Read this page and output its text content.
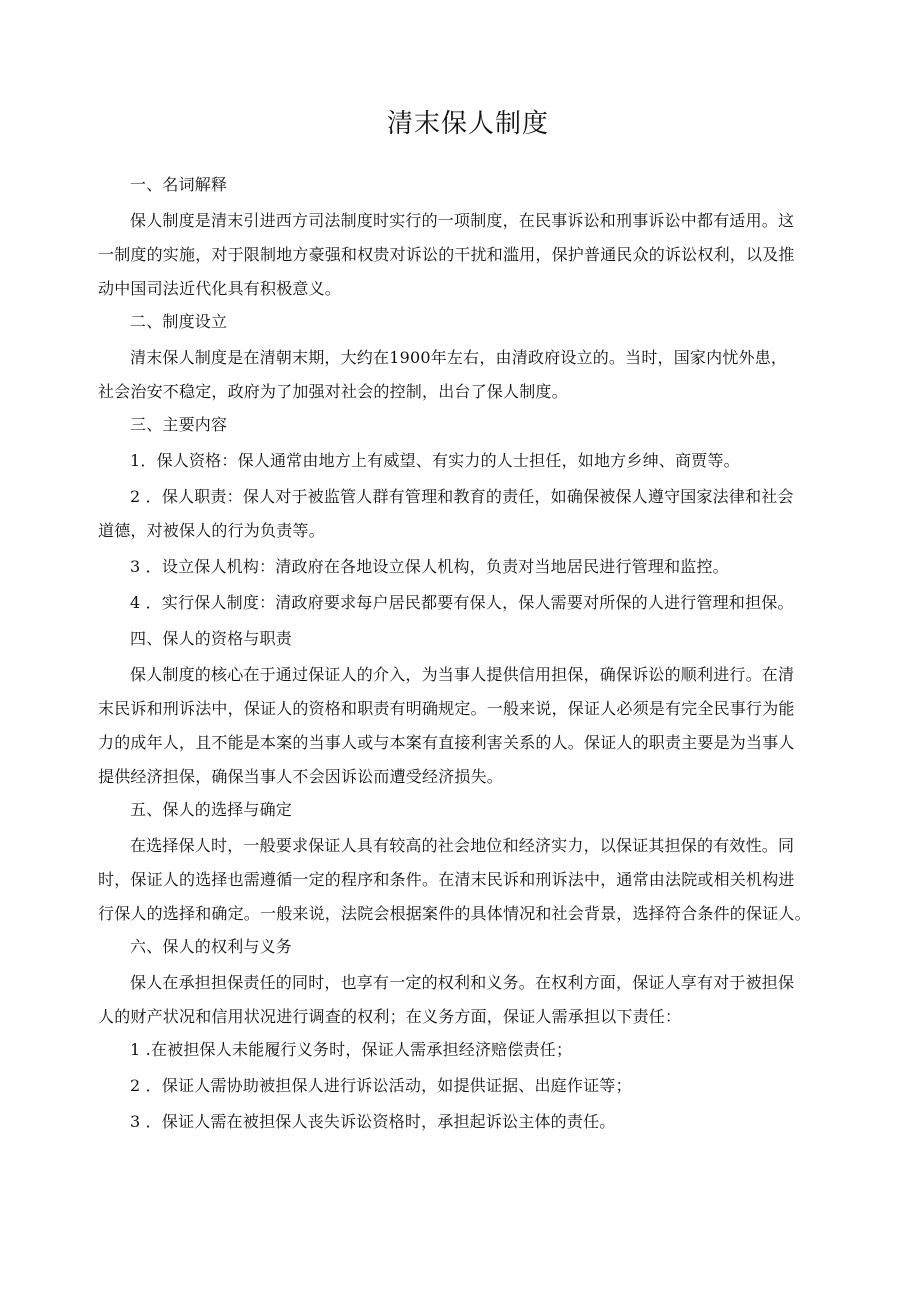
清末保人制度

一、名词解释

保人制度是清末引进西方司法制度时实行的一项制度，在民事诉讼和刑事诉讼中都有适用。这
一制度的实施，对于限制地方豪强和权贵对诉讼的干扰和滥用，保护普通民众的诉讼权利，以及推
动中国司法近代化具有积极意义。

二、制度设立

清末保人制度是在清朝末期，大约在1900年左右，由清政府设立的。当时，国家内忧外患，
社会治安不稳定，政府为了加强对社会的控制，出台了保人制度。

三、主要内容

1．保人资格：保人通常由地方上有威望、有实力的人士担任，如地方乡绅、商贾等。

2 ．保人职责：保人对于被监管人群有管理和教育的责任，如确保被保人遵守国家法律和社会
道德，对被保人的行为负责等。

3 ．设立保人机构：清政府在各地设立保人机构，负责对当地居民进行管理和监控。

4 ．实行保人制度：清政府要求每户居民都要有保人，保人需要对所保的人进行管理和担保。

四、保人的资格与职责

保人制度的核心在于通过保证人的介入，为当事人提供信用担保，确保诉讼的顺利进行。在清
末民诉和刑诉法中，保证人的资格和职责有明确规定。一般来说，保证人必须是有完全民事行为能
力的成年人，且不能是本案的当事人或与本案有直接利害关系的人。保证人的职责主要是为当事人
提供经济担保，确保当事人不会因诉讼而遭受经济损失。

五、保人的选择与确定

在选择保人时，一般要求保证人具有较高的社会地位和经济实力，以保证其担保的有效性。同
时，保证人的选择也需遵循一定的程序和条件。在清末民诉和刑诉法中，通常由法院或相关机构进
行保人的选择和确定。一般来说，法院会根据案件的具体情况和社会背景，选择符合条件的保证人。

六、保人的权利与义务

保人在承担担保责任的同时，也享有一定的权利和义务。在权利方面，保证人享有对于被担保
人的财产状况和信用状况进行调查的权利；在义务方面，保证人需承担以下责任：

1 .在被担保人未能履行义务时，保证人需承担经济赔偿责任；

2 ．保证人需协助被担保人进行诉讼活动，如提供证据、出庭作证等；

3 ．保证人需在被担保人丧失诉讼资格时，承担起诉讼主体的责任。
